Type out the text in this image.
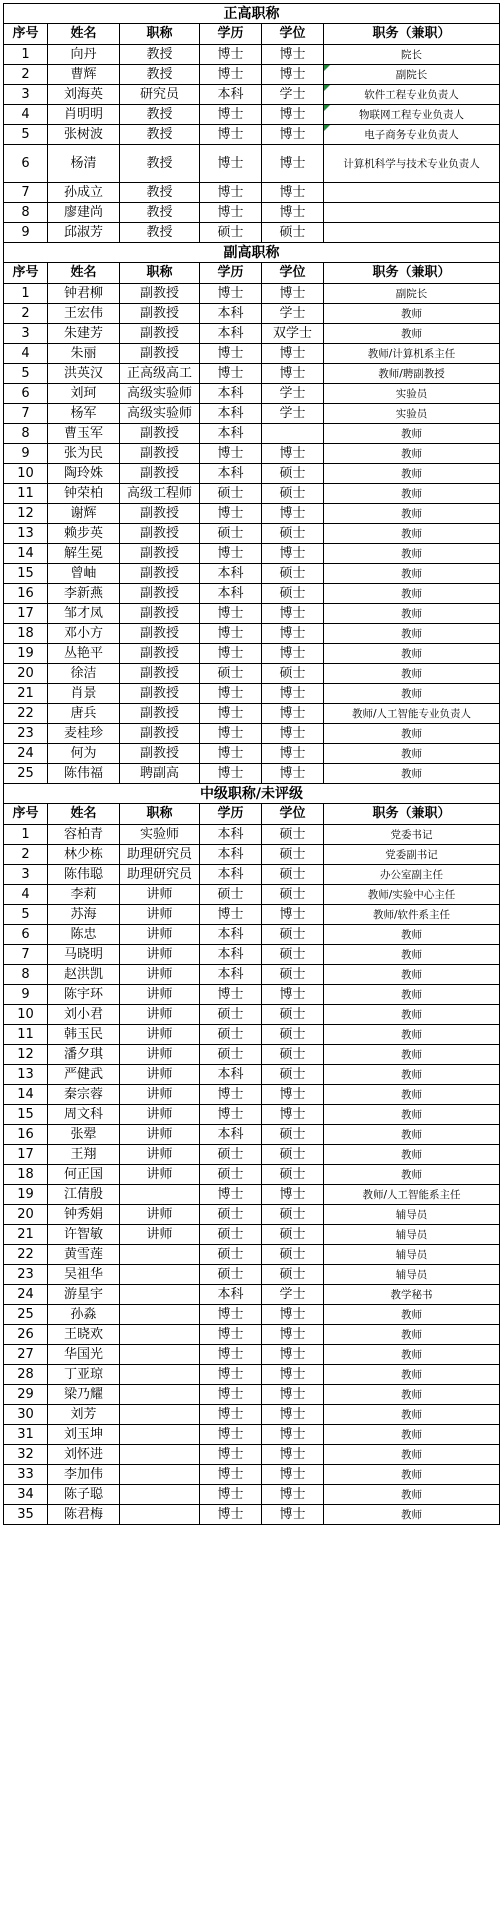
正高职称					
序号	姓名	职称	学历	学位	职务（兼职）
1	向丹	教授	博士	博士	院长
2	曹辉	教授	博士	博士	副院长
3	刘海英	研究员	本科	学士	软件工程专业负责人
4	肖明明	教授	博士	博士	物联网工程专业负责人
5	张树波	教授	博士	博士	电子商务专业负责人
6	杨清	教授	博士	博士	计算机科学与技术专业负责人
7	孙成立	教授	博士	博士	
8	廖建尚	教授	博士	博士	
9	邱淑芳	教授	硕士	硕士	
副高职称					
序号	姓名	职称	学历	学位	职务（兼职）
1	钟君柳	副教授	博士	博士	副院长
2	王宏伟	副教授	本科	学士	教师
3	朱建芳	副教授	本科	双学士	教师
4	朱丽	副教授	博士	博士	教师/计算机系主任
5	洪英汉	正高级高工	博士	博士	教师/聘副教授
6	刘珂	高级实验师	本科	学士	实验员
7	杨军	高级实验师	本科	学士	实验员
8	曹玉军	副教授	本科		教师
9	张为民	副教授	博士	博士	教师
10	陶玲姝	副教授	本科	硕士	教师
11	钟荣柏	高级工程师	硕士	硕士	教师
12	谢辉	副教授	博士	博士	教师
13	赖步英	副教授	硕士	硕士	教师
14	解生冕	副教授	博士	博士	教师
15	曾岫	副教授	本科	硕士	教师
16	李新燕	副教授	本科	硕士	教师
17	邹才凤	副教授	博士	博士	教师
18	邓小方	副教授	博士	博士	教师
19	丛艳平	副教授	博士	博士	教师
20	徐洁	副教授	硕士	硕士	教师
21	肖景	副教授	博士	博士	教师
22	唐兵	副教授	博士	博士	教师/人工智能专业负责人
23	麦桂珍	副教授	博士	博士	教师
24	何为	副教授	博士	博士	教师
25	陈伟福	聘副高	博士	博士	教师
中级职称/未评级					
序号	姓名	职称	学历	学位	职务（兼职）
1	容柏青	实验师	本科	硕士	党委书记
2	林少栋	助理研究员	本科	硕士	党委副书记
3	陈伟聪	助理研究员	本科	硕士	办公室副主任
4	李莉	讲师	硕士	硕士	教师/实验中心主任
5	苏海	讲师	博士	博士	教师/软件系主任
6	陈忠	讲师	本科	硕士	教师
7	马晓明	讲师	本科	硕士	教师
8	赵洪凯	讲师	本科	硕士	教师
9	陈宇环	讲师	博士	博士	教师
10	刘小君	讲师	硕士	硕士	教师
11	韩玉民	讲师	硕士	硕士	教师
12	潘夕琪	讲师	硕士	硕士	教师
13	严健武	讲师	本科	硕士	教师
14	秦宗蓉	讲师	博士	博士	教师
15	周文科	讲师	博士	博士	教师
16	张翚	讲师	本科	硕士	教师
17	王翔	讲师	硕士	硕士	教师
18	何正国	讲师	硕士	硕士	教师
19	江倩殷		博士	博士	教师/人工智能系主任
20	钟秀娟	讲师	硕士	硕士	辅导员
21	许智敏	讲师	硕士	硕士	辅导员
22	黄雪莲		硕士	硕士	辅导员
23	吴祖华		硕士	硕士	辅导员
24	游星宇		本科	学士	教学秘书
25	孙淼		博士	博士	教师
26	王晓欢		博士	博士	教师
27	华国光		博士	博士	教师
28	丁亚琼		博士	博士	教师
29	梁乃耀		博士	博士	教师
30	刘芳		博士	博士	教师
31	刘玉坤		博士	博士	教师
32	刘怀进		博士	博士	教师
33	李加伟		博士	博士	教师
34	陈子聪		博士	博士	教师
35	陈君梅		博士	博士	教师
